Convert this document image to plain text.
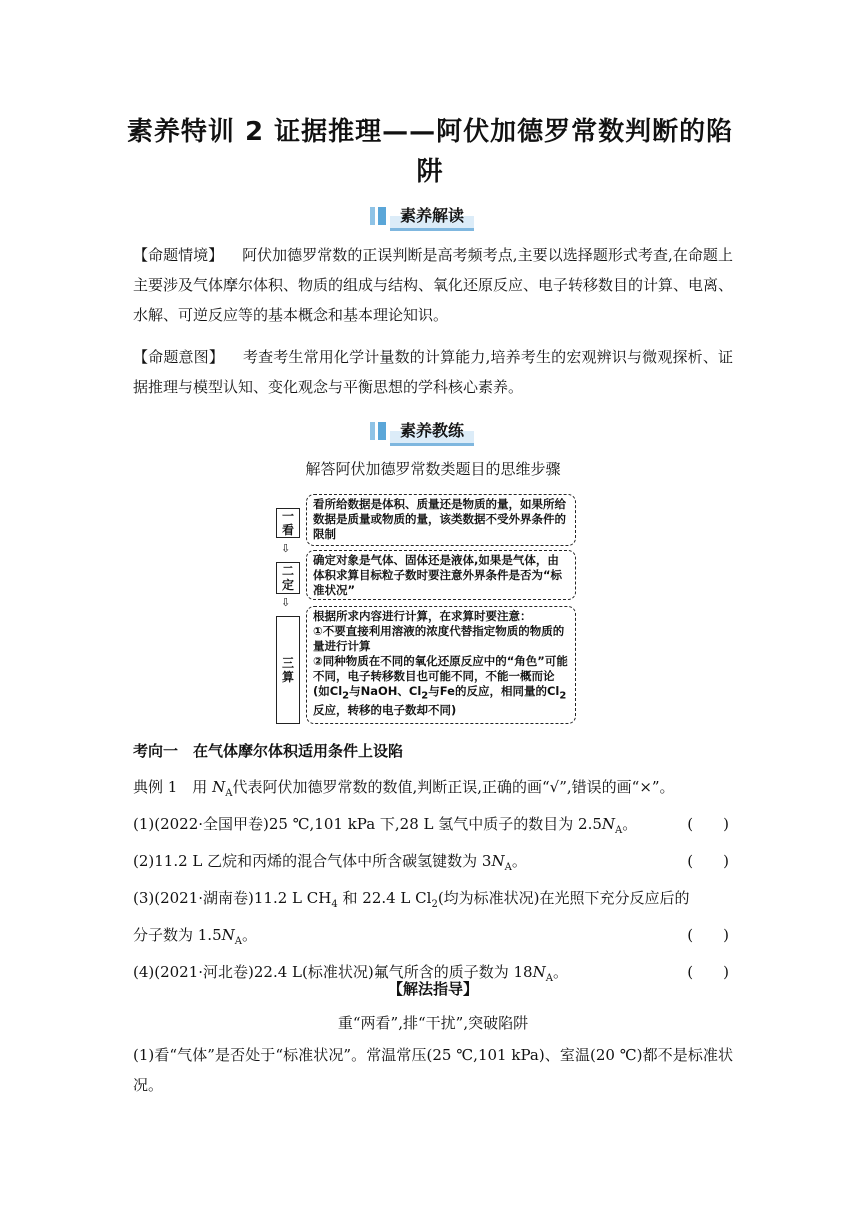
素养特训 2 证据推理——阿伏加德罗常数判断的陷
阱
素养解读
【命题情境】 阿伏加德罗常数的正误判断是高考频考点,主要以选择题形式考查,在命题上主要涉及气体摩尔体积、物质的组成与结构、氧化还原反应、电子转移数目的计算、电离、水解、可逆反应等的基本概念和基本理论知识。
【命题意图】 考查考生常用化学计量数的计算能力,培养考生的宏观辨识与微观探析、证据推理与模型认知、变化观念与平衡思想的学科核心素养。
素养教练
解答阿伏加德罗常数类题目的思维步骤
一
看
⇩
二
定
⇩
三
算
看所给数据是体积、质量还是物质的量，如果所给数据是质量或物质的量，该类数据不受外界条件的限制
确定对象是气体、固体还是液体,如果是气体，由体积求算目标粒子数时要注意外界条件是否为“标准状况”
根据所求内容进行计算，在求算时要注意：
①不要直接利用溶液的浓度代替指定物质的物质的量进行计算
②同种物质在不同的氧化还原反应中的“角色”可能不同，电子转移数目也可能不同，不能一概而论(如$Cl_2$与NaOH、$Cl_2$与Fe的反应，相同量的$Cl_2$反应，转移的电子数却不同)
考向一　在气体摩尔体积适用条件上设陷
典例 1　用 $N_A$代表阿伏加德罗常数的数值,判断正误,正确的画“√”,错误的画“×”。
(1)(2022·全国甲卷)25 ℃,101 kPa 下,28 L 氢气中质子的数目为 $2.5N_A$。	(　　)
(2)11.2 L 乙烷和丙烯的混合气体中所含碳氢键数为 $3N_A$。	(　　)
(3)(2021·湖南卷)11.2 L $CH_4$ 和 22.4 L $Cl_2$(均为标准状况)在光照下充分反应后的
分子数为 $1.5N_A$。	(　　)
(4)(2021·河北卷)22.4 L(标准状况)氟气所含的质子数为 $18N_A$。	(　　)
【解法指导】
重“两看”,排“干扰”,突破陷阱
(1)看“气体”是否处于“标准状况”。常温常压(25 ℃,101 kPa)、室温(20 ℃)都不是标准状况。
